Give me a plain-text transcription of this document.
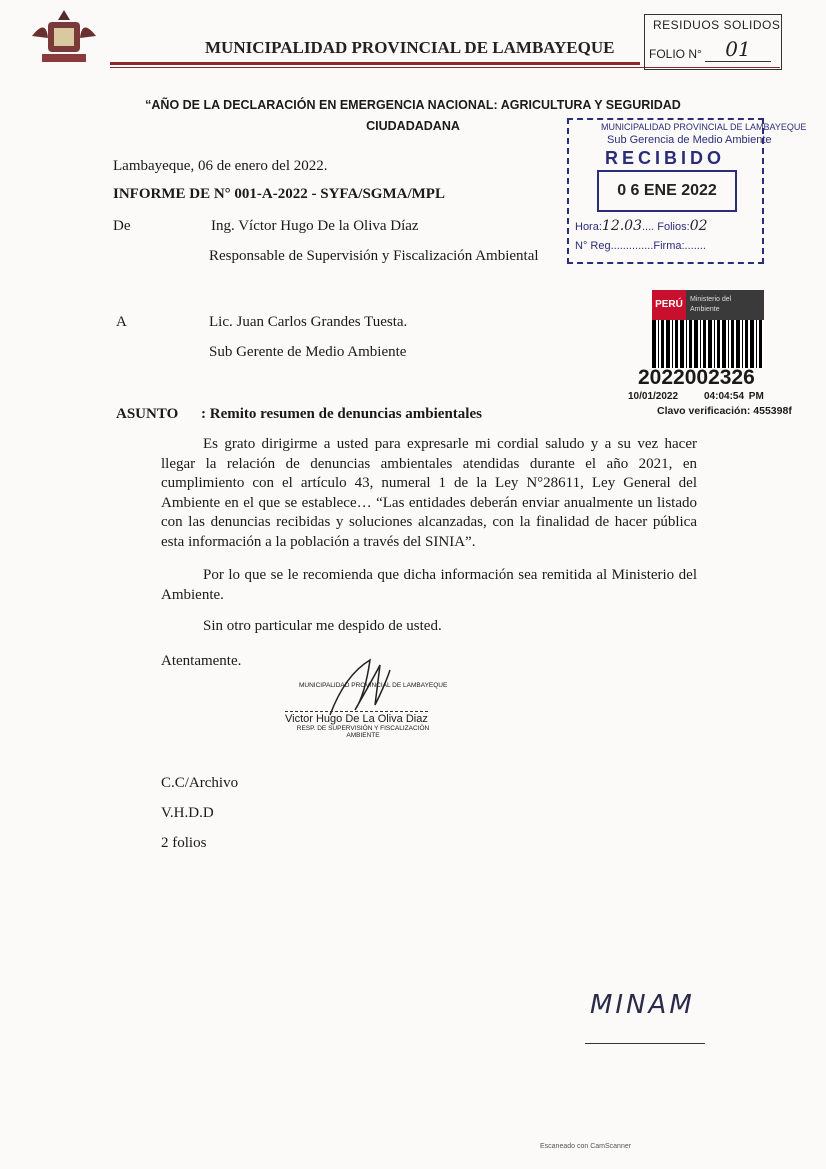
MUNICIPALIDAD PROVINCIAL DE LAMBAYEQUE
RESIDUOS SOLIDOS
FOLIO N°	01
“AÑO DE LA DECLARACIÓN EN EMERGENCIA NACIONAL: AGRICULTURA Y SEGURIDAD
CIUDADADANA
Lambayeque, 06 de enero del 2022.
INFORME DE N° 001-A-2022 - SYFA/SGMA/MPL
De	Ing. Víctor Hugo De la Oliva Díaz
Responsable de Supervisión y Fiscalización Ambiental
A	Lic. Juan Carlos Grandes Tuesta.
Sub Gerente de Medio Ambiente
MUNICIPALIDAD PROVINCIAL DE LAMBAYEQUE
Sub Gerencia de Medio Ambiente
RECIBIDO
0 6 ENE 2022
Hora:12.03.... Folios:02
N° Reg..............Firma:.......
PERÚ	Ministerio del Ambiente
2022002326
10/01/2022	04:04:54 PM
Clavo verificación: 455398f
ASUNTO : Remito resumen de denuncias ambientales

Es grato dirigirme a usted para expresarle mi cordial saludo y a su vez hacer llegar la relación de denuncias ambientales atendidas durante el año 2021, en cumplimiento con el artículo 43, numeral 1 de la Ley N°28611, Ley General del Ambiente en el que se establece… “Las entidades deberán enviar anualmente un listado con las denuncias recibidas y soluciones alcanzadas, con la finalidad de hacer pública esta información a la población a través del SINIA”.

Por lo que se le recomienda que dicha información sea remitida al Ministerio del Ambiente.

Sin otro particular me despido de usted.

Atentamente.
MUNICIPALIDAD PROVINCIAL DE LAMBAYEQUE
Victor Hugo De La Oliva Diaz
RESP. DE SUPERVISIÓN Y FISCALIZACIÓN AMBIENTE
C.C/Archivo
V.H.D.D
2 folios
MINAM
Escaneado con CamScanner
